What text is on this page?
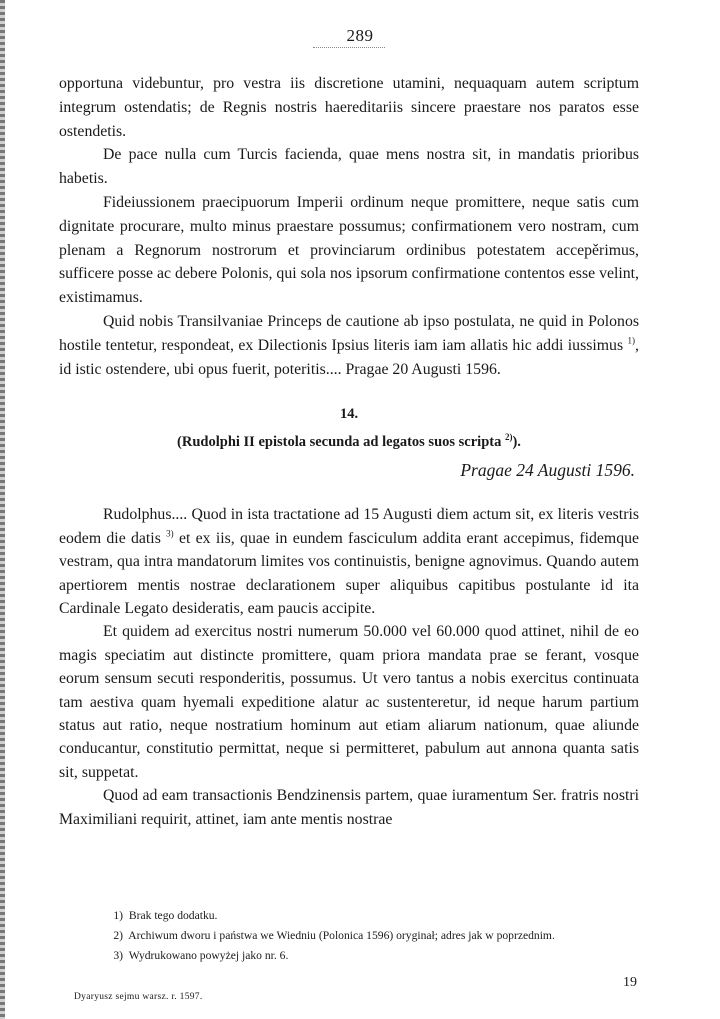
289

opportuna videbuntur, pro vestra iis discretione utamini, nequaquam autem scriptum integrum ostendatis; de Regnis nostris haereditariis sincere praestare nos paratos esse ostendetis.

De pace nulla cum Turcis facienda, quae mens nostra sit, in mandatis prioribus habetis.

Fideiussionem praecipuorum Imperii ordinum neque promittere, neque satis cum dignitate procurare, multo minus praestare possumus; confirmationem vero nostram, cum plenam a Regnorum nostrorum et provinciarum ordinibus potestatem accepěrimus, sufficere posse ac debere Polonis, qui sola nos ipsorum confirmatione contentos esse velint, existimamus.

Quid nobis Transilvaniae Princeps de cautione ab ipso postulata, ne quid in Polonos hostile tentetur, respondeat, ex Dilectionis Ipsius literis iam iam allatis hic addi iussimus $^{1)}$, id istic ostendere, ubi opus fuerit, poteritis.... Pragae 20 Augusti 1596.

14.
(Rudolphi II epistola secunda ad legatos suos scripta $^{2)}$).
Pragae 24 Augusti 1596.

Rudolphus.... Quod in ista tractatione ad 15 Augusti diem actum sit, ex literis vestris eodem die datis $^{3)}$ et ex iis, quae in eundem fasciculum addita erant accepimus, fidemque vestram, qua intra mandatorum limites vos continuistis, benigne agnovimus. Quando autem apertiorem mentis nostrae declarationem super aliquibus capitibus postulante id ita Cardinale Legato desideratis, eam paucis accipite.

Et quidem ad exercitus nostri numerum 50.000 vel 60.000 quod attinet, nihil de eo magis speciatim aut distincte promittere, quam priora mandata prae se ferant, vosque eorum sensum secuti responderitis, possumus. Ut vero tantus a nobis exercitus continuata tam aestiva quam hyemali expeditione alatur ac sustenteretur, id neque harum partium status aut ratio, neque nostratium hominum aut etiam aliarum nationum, quae aliunde conducantur, constitutio permittat, neque si permitteret, pabulum aut annona quanta satis sit, suppetat.

Quod ad eam transactionis Bendzinensis partem, quae iuramentum Ser. fratris nostri Maximiliani requirit, attinet, iam ante mentis nostrae

1) Brak tego dodatku.

2) Archiwum dworu i państwa we Wiedniu (Polonica 1596) oryginał; adres jak w poprzednim.

3) Wydrukowano powyżej jako nr. 6.

Dyaryusz sejmu warsz. r. 1597.
19
